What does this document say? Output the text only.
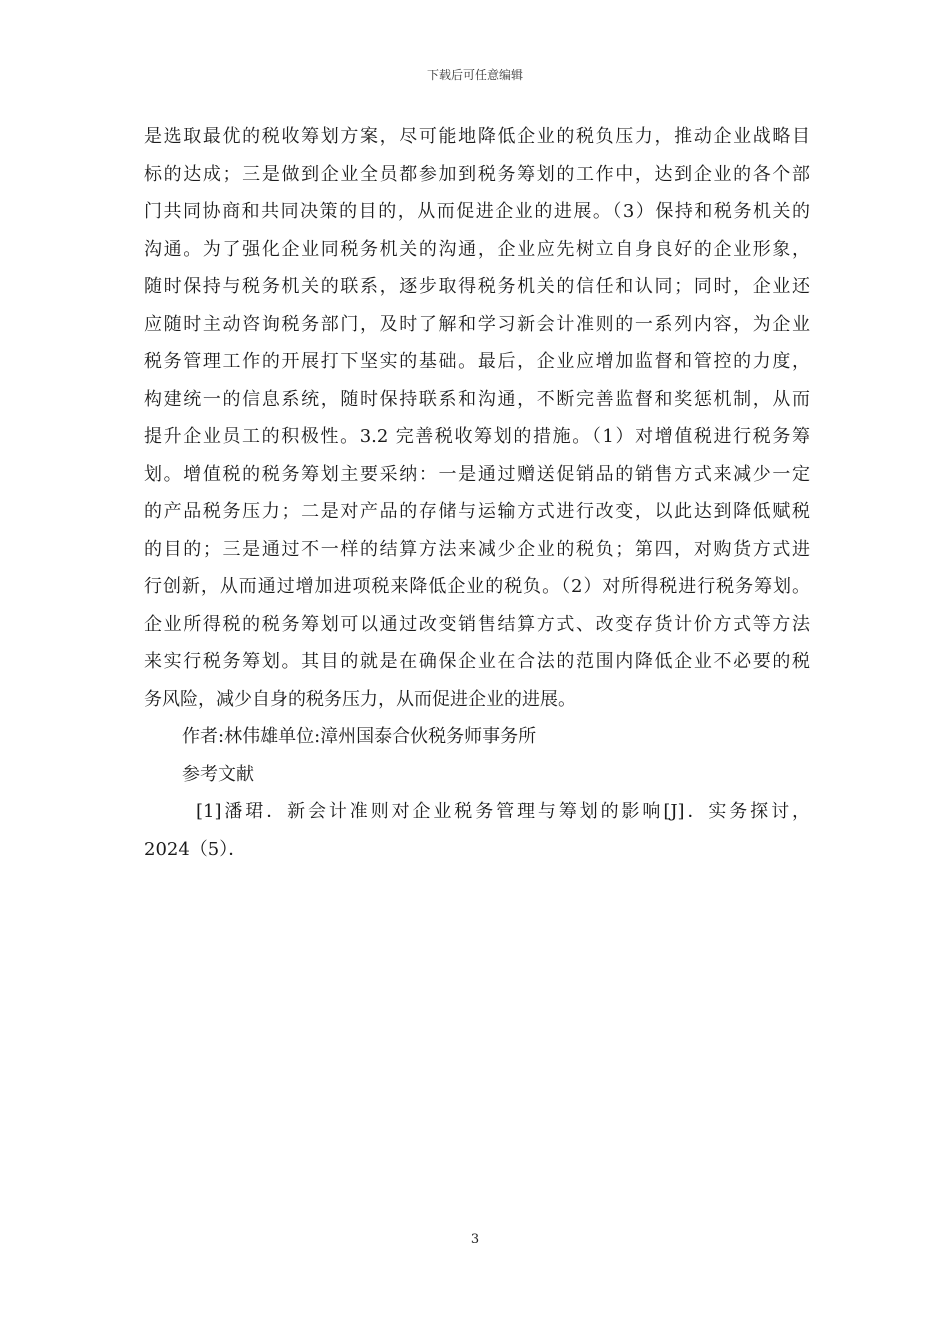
下载后可任意编辑
是选取最优的税收筹划方案，尽可能地降低企业的税负压力，推动企业战略目
标的达成；三是做到企业全员都参加到税务筹划的工作中，达到企业的各个部
门共同协商和共同决策的目的，从而促进企业的进展。（3）保持和税务机关的
沟通。为了强化企业同税务机关的沟通，企业应先树立自身良好的企业形象，
随时保持与税务机关的联系，逐步取得税务机关的信任和认同；同时，企业还
应随时主动咨询税务部门，及时了解和学习新会计准则的一系列内容，为企业
税务管理工作的开展打下坚实的基础。最后，企业应增加监督和管控的力度，
构建统一的信息系统，随时保持联系和沟通，不断完善监督和奖惩机制，从而
提升企业员工的积极性。3.2 完善税收筹划的措施。（1）对增值税进行税务筹
划。增值税的税务筹划主要采纳：一是通过赠送促销品的销售方式来减少一定
的产品税务压力；二是对产品的存储与运输方式进行改变，以此达到降低赋税
的目的；三是通过不一样的结算方法来减少企业的税负；第四，对购货方式进
行创新，从而通过增加进项税来降低企业的税负。（2）对所得税进行税务筹划。
企业所得税的税务筹划可以通过改变销售结算方式、改变存货计价方式等方法
来实行税务筹划。其目的就是在确保企业在合法的范围内降低企业不必要的税
务风险，减少自身的税务压力，从而促进企业的进展。
作者:林伟雄单位:漳州国泰合伙税务师事务所
参考文献
[1]潘珺．新会计准则对企业税务管理与筹划的影响[J]．实务探讨，
2024（5）．
3
